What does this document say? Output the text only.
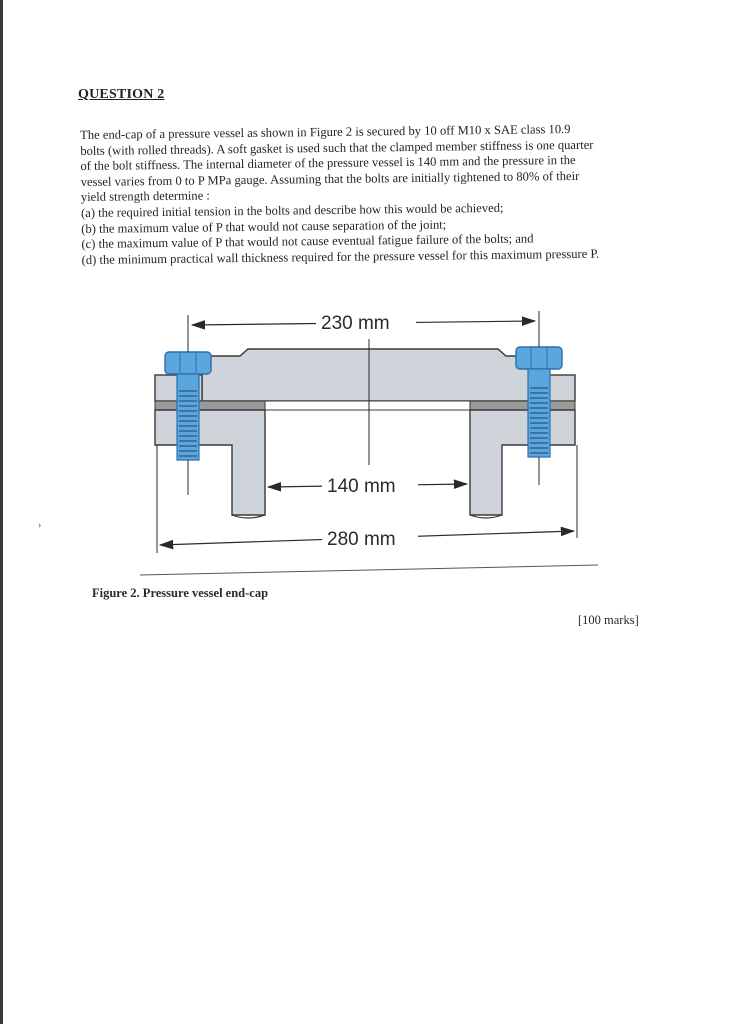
QUESTION 2

The end-cap of a pressure vessel as shown in Figure 2 is secured by 10 off M10 x SAE class 10.9
bolts (with rolled threads). A soft gasket is used such that the clamped member stiffness is one quarter
of the bolt stiffness. The internal diameter of the pressure vessel is 140 mm and the pressure in the
vessel varies from 0 to P MPa gauge. Assuming that the bolts are initially tightened to 80% of their
yield strength determine :

(a) the required initial tension in the bolts and describe how this would be achieved;
(b) the maximum value of P that would not cause separation of the joint;
(c) the maximum value of P that would not cause eventual fatigue failure of the bolts; and
(d) the minimum practical wall thickness required for the pressure vessel for this maximum pressure P.
230 mm
140 mm
280 mm
Figure 2. Pressure vessel end-cap
[100 marks]
›
